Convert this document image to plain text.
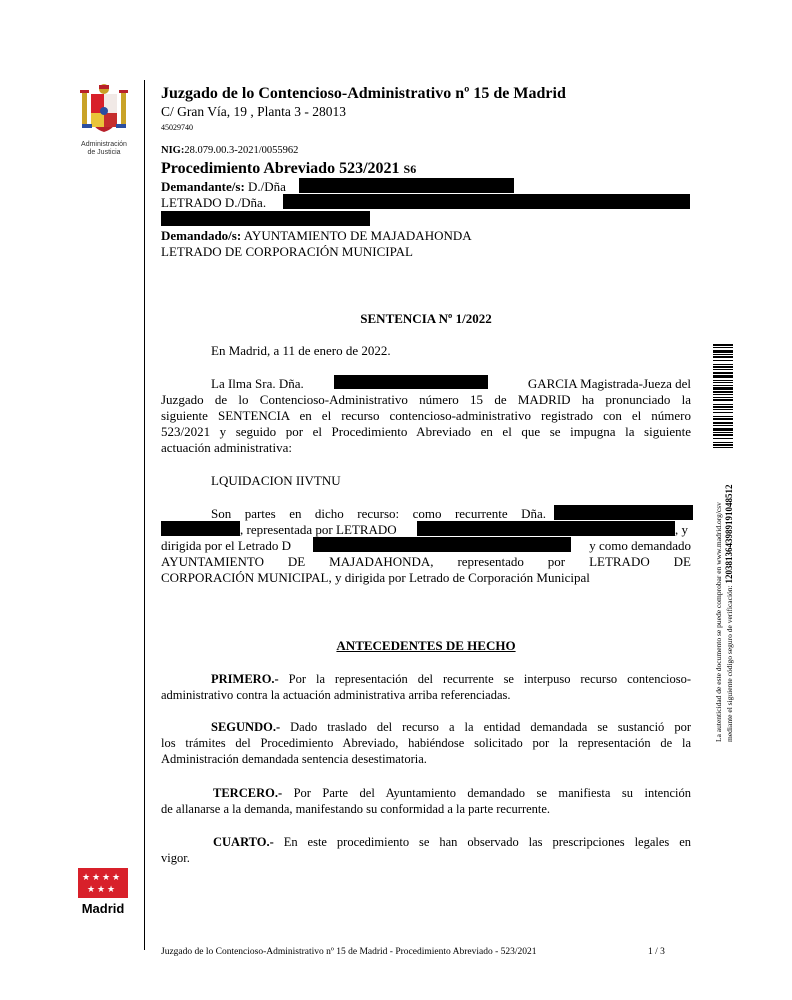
Administración
de Justicia
★ ★ ★ ★
★ ★ ★
Madrid
Juzgado de lo Contencioso-Administrativo nº 15 de Madrid
C/ Gran Vía, 19 , Planta 3 - 28013
45029740
NIG:28.079.00.3-2021/0055962
Procedimiento Abreviado 523/2021 S6
Demandante/s: D./Dña
LETRADO D./Dña.
Demandado/s: AYUNTAMIENTO DE MAJADAHONDA
LETRADO DE CORPORACIÓN MUNICIPAL
SENTENCIA Nº 1/2022
En Madrid, a 11 de enero de 2022.
La Ilma Sra. Dña.	GARCIA Magistrada-Jueza del
Juzgado de lo Contencioso-Administrativo número 15 de MADRID ha pronunciado la
siguiente SENTENCIA en el recurso contencioso-administrativo registrado con el número
523/2021 y seguido por el Procedimiento Abreviado en el que se impugna la siguiente
actuación administrativa:
LQUIDACION IIVTNU
Son partes en dicho recurso: como recurrente Dña.
, representada por LETRADO	, y
dirigida por el Letrado D	y como demandado
AYUNTAMIENTO DE MAJADAHONDA, representado por LETRADO DE
CORPORACIÓN MUNICIPAL, y dirigida por Letrado de Corporación Municipal
ANTECEDENTES DE HECHO
PRIMERO.- Por la representación del recurrente se interpuso recurso contencioso-
administrativo contra la actuación administrativa arriba referenciadas.
SEGUNDO.- Dado traslado del recurso a la entidad demandada se sustanció por
los trámites del Procedimiento Abreviado, habiéndose solicitado por la representación de la
Administración demandada sentencia desestimatoria.
TERCERO.- Por Parte del Ayuntamiento demandado se manifiesta su intención
de allanarse a la demanda, manifestando su conformidad a la parte recurrente.
CUARTO.- En este procedimiento se han observado las prescripciones legales en
vigor.
La autenticidad de este documento se puede comprobar en www.madrid.org/csv mediante el siguiente código seguro de verificación: 1203813643989191048512
Juzgado de lo Contencioso-Administrativo nº 15 de Madrid - Procedimiento Abreviado - 523/2021	1 / 3
